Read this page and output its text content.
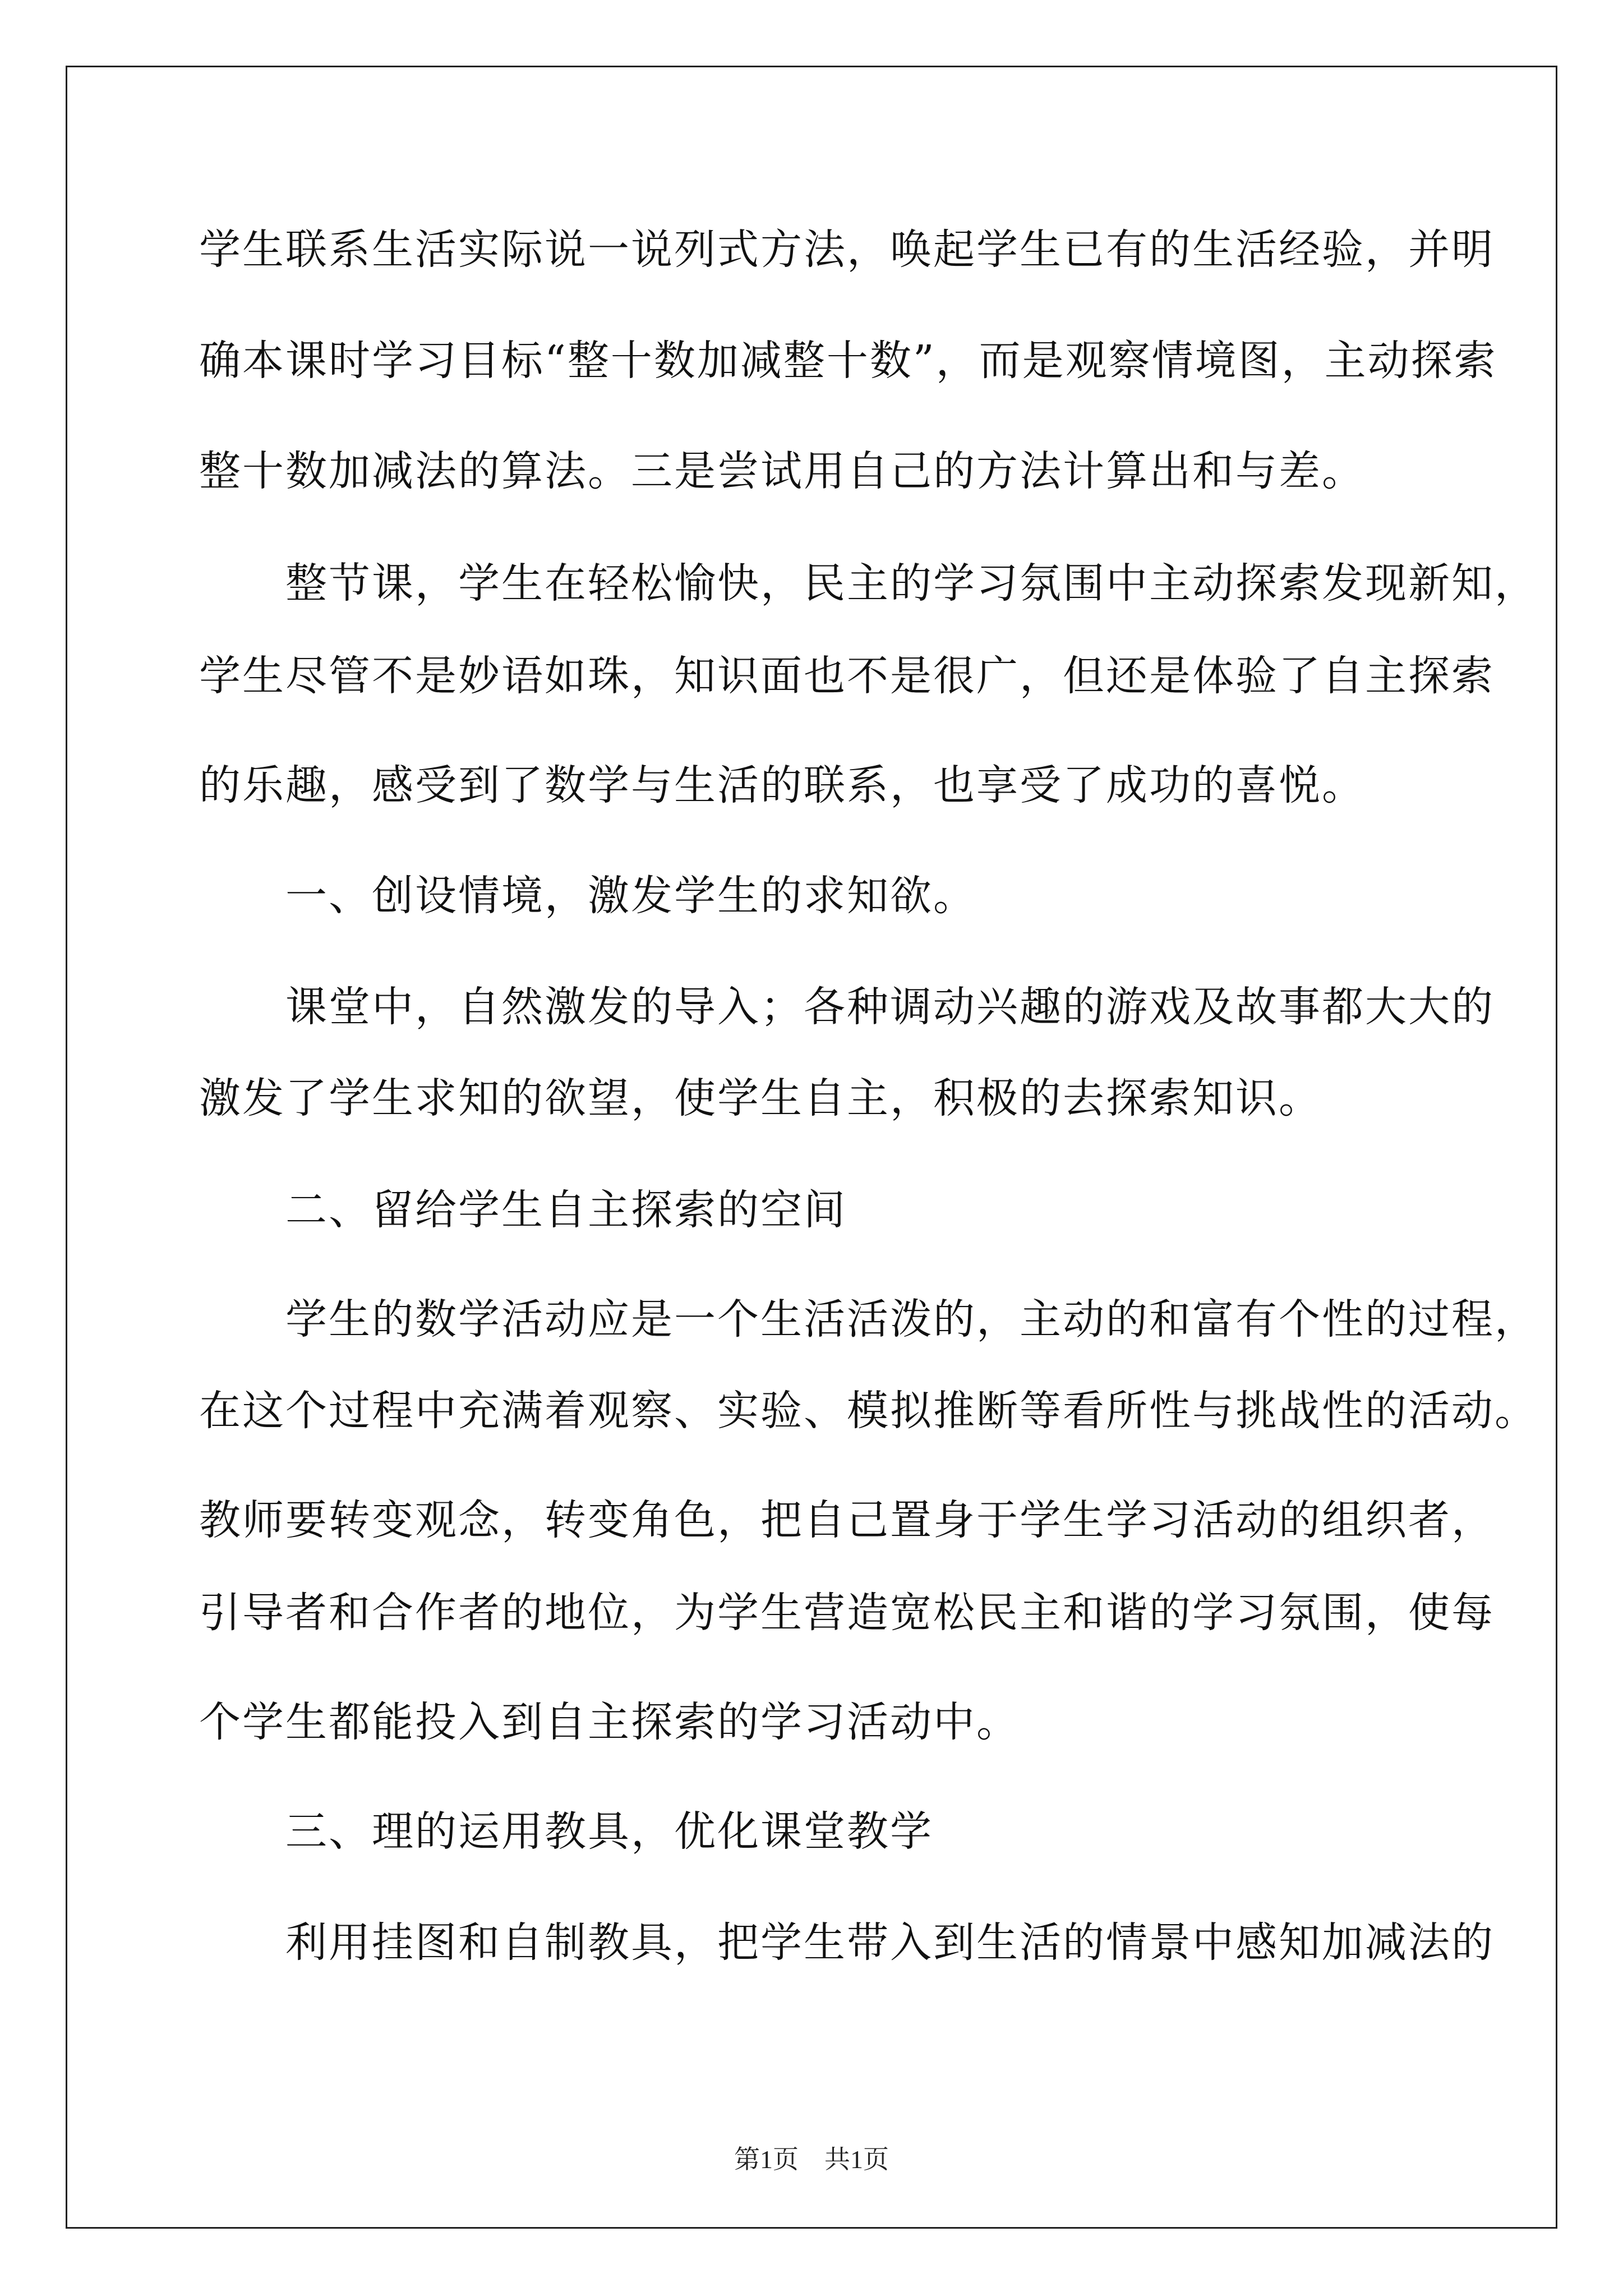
学生联系生活实际说一说列式方法，唤起学生已有的生活经验，并明

确本课时学习目标“整十数加减整十数”，而是观察情境图，主动探索

整十数加减法的算法。三是尝试用自己的方法计算出和与差。

　　整节课，学生在轻松愉快，民主的学习氛围中主动探索发现新知，

学生尽管不是妙语如珠，知识面也不是很广，但还是体验了自主探索

的乐趣，感受到了数学与生活的联系，也享受了成功的喜悦。

　　一、创设情境，激发学生的求知欲。

　　课堂中，自然激发的导入；各种调动兴趣的游戏及故事都大大的

激发了学生求知的欲望，使学生自主，积极的去探索知识。

　　二、留给学生自主探索的空间

　　学生的数学活动应是一个生活活泼的，主动的和富有个性的过程，

在这个过程中充满着观察、实验、模拟推断等看所性与挑战性的活动。

教师要转变观念，转变角色，把自己置身于学生学习活动的组织者，

引导者和合作者的地位，为学生营造宽松民主和谐的学习氛围，使每

个学生都能投入到自主探索的学习活动中。

　　三、理的运用教具，优化课堂教学

　　利用挂图和自制教具，把学生带入到生活的情景中感知加减法的

第1页　共1页
